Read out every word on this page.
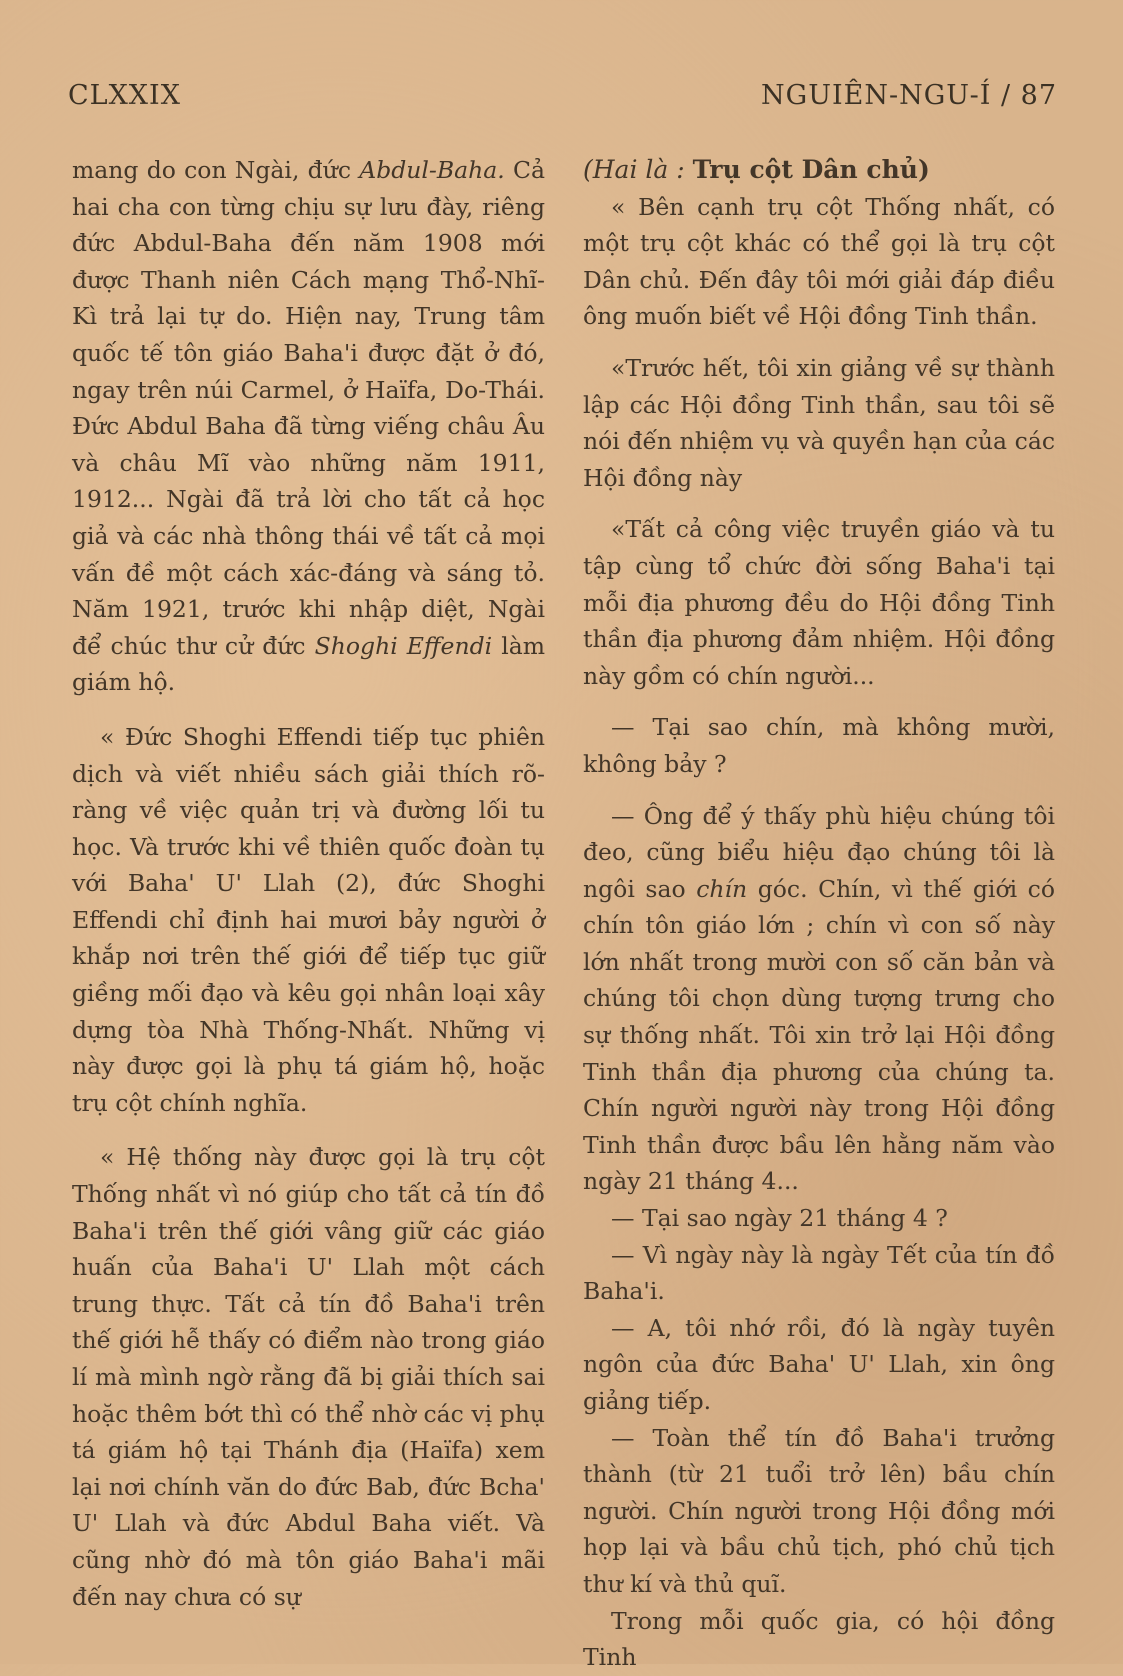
CLXXIX	NGUIÊN-NGU-Í / 87

mang do con Ngài, đức Abdul-Baha. Cả hai cha con từng chịu sự lưu đày, riêng đức Abdul-Baha đến năm 1908 mới được Thanh niên Cách mạng Thổ-Nhĩ-Kì trả lại tự do. Hiện nay, Trung tâm quốc tế tôn giáo Baha'i được đặt ở đó, ngay trên núi Carmel, ở Haïfa, Do-Thái. Đức Abdul Baha đã từng viếng châu Âu và châu Mĩ vào những năm 1911, 1912... Ngài đã trả lời cho tất cả học giả và các nhà thông thái về tất cả mọi vấn đề một cách xác-đáng và sáng tỏ. Năm 1921, trước khi nhập diệt, Ngài để chúc thư cử đức Shoghi Effendi làm giám hộ.

« Đức Shoghi Effendi tiếp tục phiên dịch và viết nhiều sách giải thích rõ-ràng về việc quản trị và đường lối tu học. Và trước khi về thiên quốc đoàn tụ với Baha' U' Llah (2), đức Shoghi Effendi chỉ định hai mươi bảy người ở khắp nơi trên thế giới để tiếp tục giữ giềng mối đạo và kêu gọi nhân loại xây dựng tòa Nhà Thống-Nhất. Những vị này được gọi là phụ tá giám hộ, hoặc trụ cột chính nghĩa.

« Hệ thống này được gọi là trụ cột Thống nhất vì nó giúp cho tất cả tín đồ Baha'i trên thế giới vâng giữ các giáo huấn của Baha'i U' Llah một cách trung thực. Tất cả tín đồ Baha'i trên thế giới hễ thấy có điểm nào trong giáo lí mà mình ngờ rằng đã bị giải thích sai hoặc thêm bớt thì có thể nhờ các vị phụ tá giám hộ tại Thánh địa (Haïfa) xem lại nơi chính văn do đức Bab, đức Bcha' U' Llah và đức Abdul Baha viết. Và cũng nhờ đó mà tôn giáo Baha'i mãi đến nay chưa có sự

(Hai là : Trụ cột Dân chủ)

« Bên cạnh trụ cột Thống nhất, có một trụ cột khác có thể gọi là trụ cột Dân chủ. Đến đây tôi mới giải đáp điều ông muốn biết về Hội đồng Tinh thần.

«Trước hết, tôi xin giảng về sự thành lập các Hội đồng Tinh thần, sau tôi sẽ nói đến nhiệm vụ và quyền hạn của các Hội đồng này

«Tất cả công việc truyền giáo và tu tập cùng tổ chức đời sống Baha'i tại mỗi địa phương đều do Hội đồng Tinh thần địa phương đảm nhiệm. Hội đồng này gồm có chín người...

— Tại sao chín, mà không mười, không bảy ?

— Ông để ý thấy phù hiệu chúng tôi đeo, cũng biểu hiệu đạo chúng tôi là ngôi sao chín góc. Chín, vì thế giới có chín tôn giáo lớn ; chín vì con số này lớn nhất trong mười con số căn bản và chúng tôi chọn dùng tượng trưng cho sự thống nhất. Tôi xin trở lại Hội đồng Tinh thần địa phương của chúng ta. Chín người người này trong Hội đồng Tinh thần được bầu lên hằng năm vào ngày 21 tháng 4...

— Tại sao ngày 21 tháng 4 ?

— Vì ngày này là ngày Tết của tín đồ Baha'i.

— A, tôi nhớ rồi, đó là ngày tuyên ngôn của đức Baha' U' Llah, xin ông giảng tiếp.

— Toàn thể tín đồ Baha'i trưởng thành (từ 21 tuổi trở lên) bầu chín người. Chín người trong Hội đồng mới họp lại và bầu chủ tịch, phó chủ tịch thư kí và thủ quĩ.

Trong mỗi quốc gia, có hội đồng Tinh
